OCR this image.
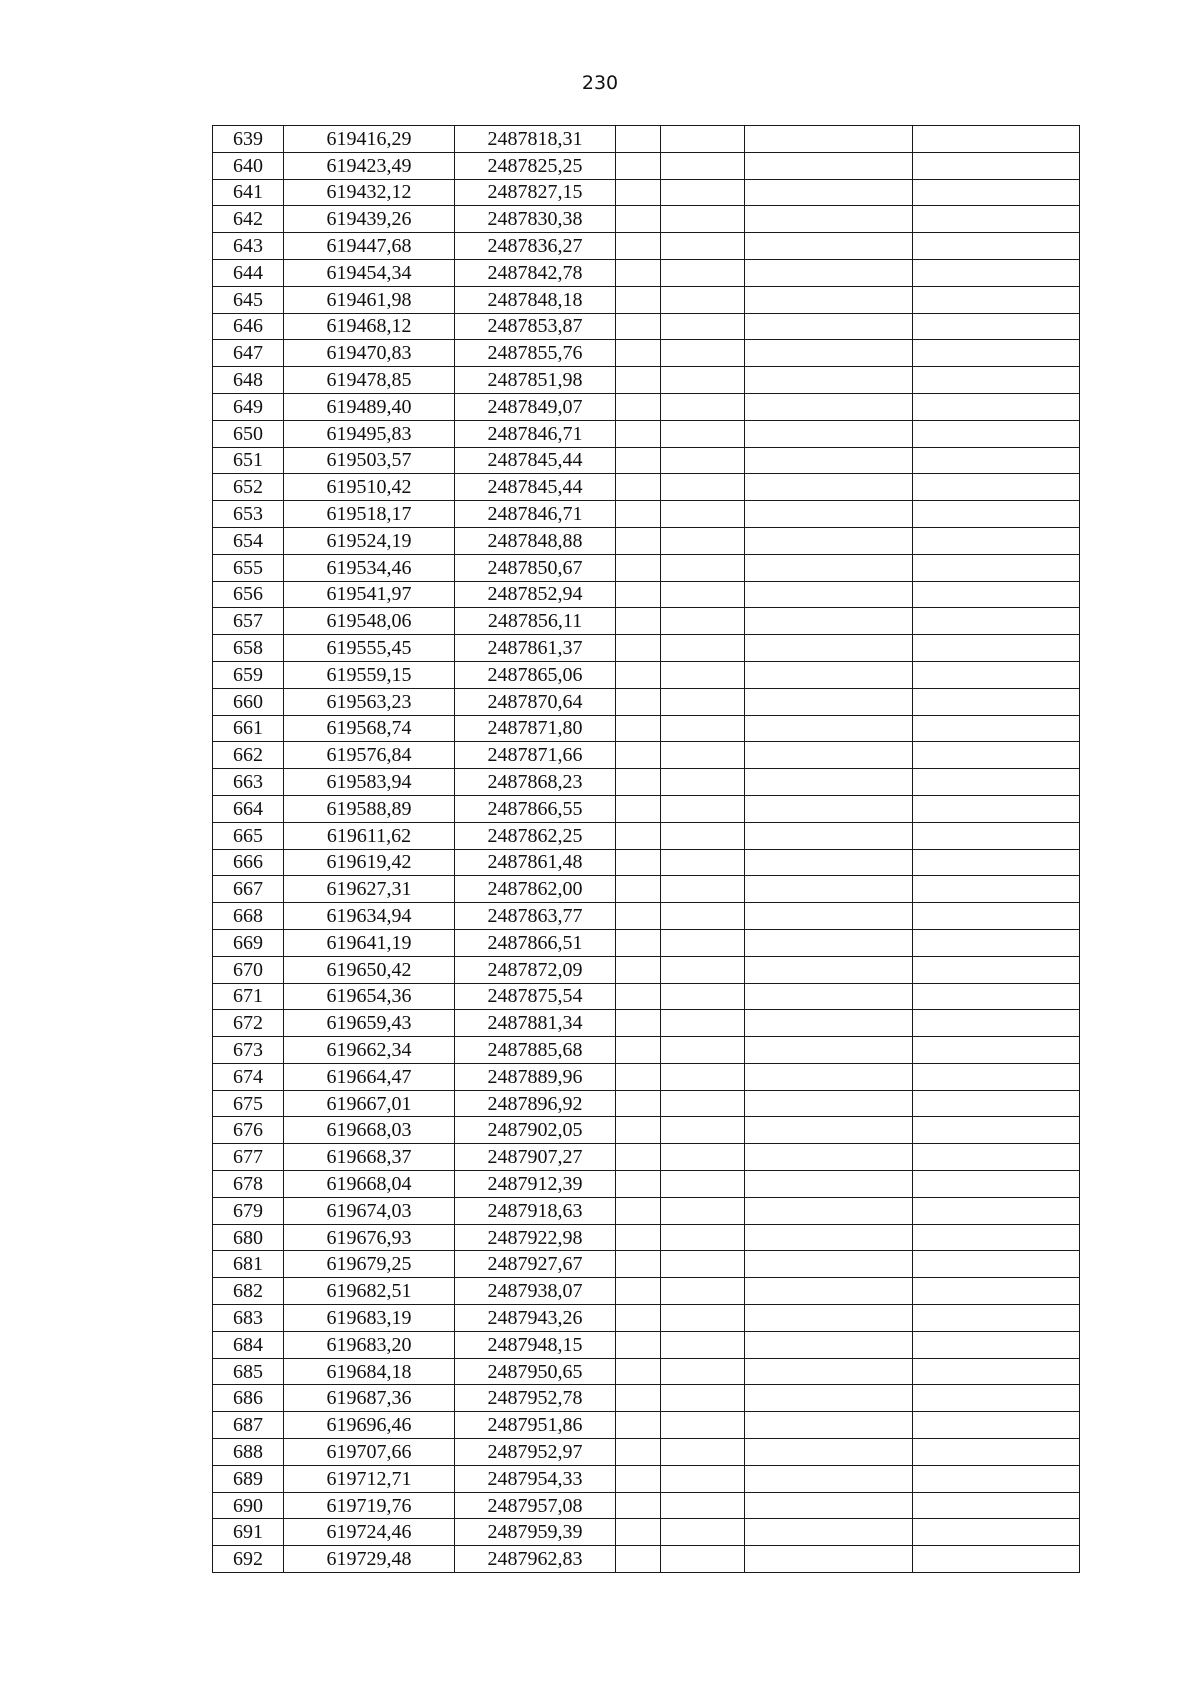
230
639	619416,29	2487818,31				
640	619423,49	2487825,25				
641	619432,12	2487827,15				
642	619439,26	2487830,38				
643	619447,68	2487836,27				
644	619454,34	2487842,78				
645	619461,98	2487848,18				
646	619468,12	2487853,87				
647	619470,83	2487855,76				
648	619478,85	2487851,98				
649	619489,40	2487849,07				
650	619495,83	2487846,71				
651	619503,57	2487845,44				
652	619510,42	2487845,44				
653	619518,17	2487846,71				
654	619524,19	2487848,88				
655	619534,46	2487850,67				
656	619541,97	2487852,94				
657	619548,06	2487856,11				
658	619555,45	2487861,37				
659	619559,15	2487865,06				
660	619563,23	2487870,64				
661	619568,74	2487871,80				
662	619576,84	2487871,66				
663	619583,94	2487868,23				
664	619588,89	2487866,55				
665	619611,62	2487862,25				
666	619619,42	2487861,48				
667	619627,31	2487862,00				
668	619634,94	2487863,77				
669	619641,19	2487866,51				
670	619650,42	2487872,09				
671	619654,36	2487875,54				
672	619659,43	2487881,34				
673	619662,34	2487885,68				
674	619664,47	2487889,96				
675	619667,01	2487896,92				
676	619668,03	2487902,05				
677	619668,37	2487907,27				
678	619668,04	2487912,39				
679	619674,03	2487918,63				
680	619676,93	2487922,98				
681	619679,25	2487927,67				
682	619682,51	2487938,07				
683	619683,19	2487943,26				
684	619683,20	2487948,15				
685	619684,18	2487950,65				
686	619687,36	2487952,78				
687	619696,46	2487951,86				
688	619707,66	2487952,97				
689	619712,71	2487954,33				
690	619719,76	2487957,08				
691	619724,46	2487959,39				
692	619729,48	2487962,83				
